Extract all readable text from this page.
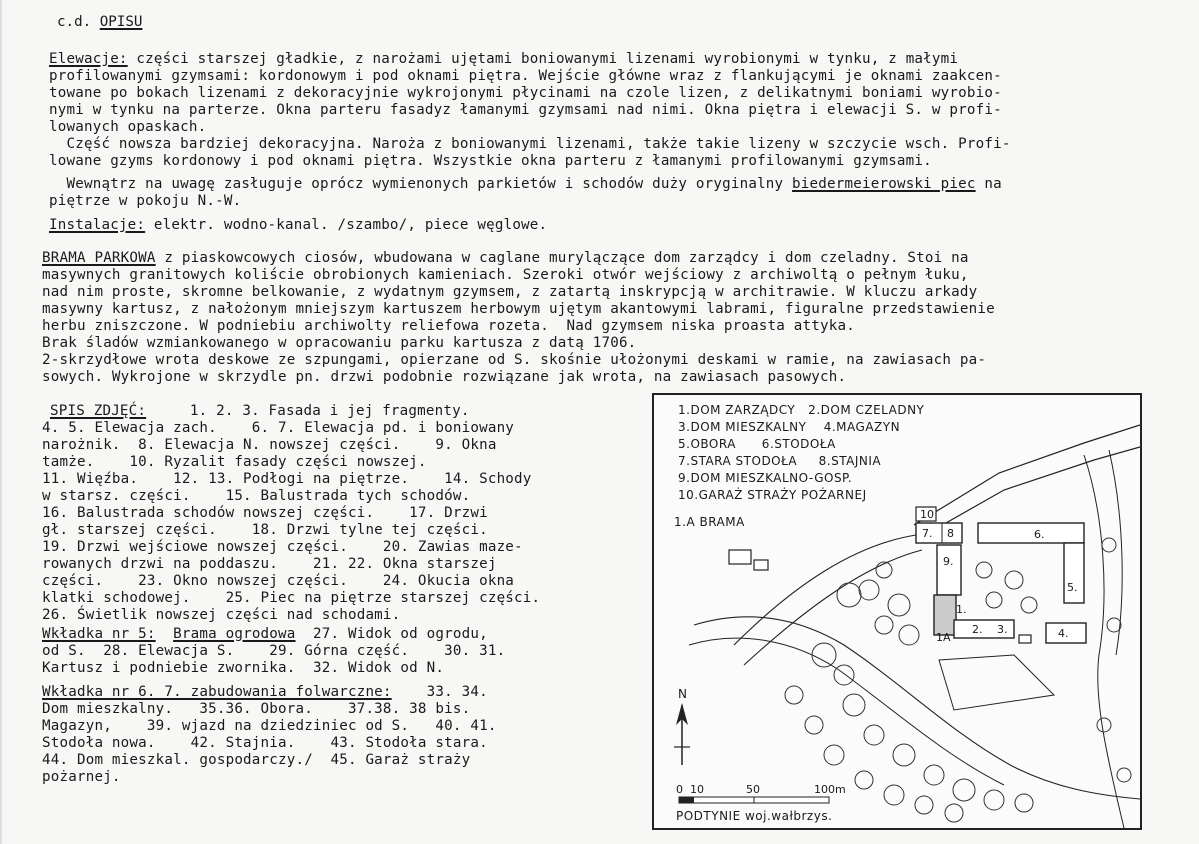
c.d. OPISU
Elewacje: części starszej gładkie, z narożami ujętami boniowanymi lizenami wyrobionymi w tynku, z małymi
profilowanymi gzymsami: kordonowym i pod oknami piętra. Wejście główne wraz z flankującymi je oknami zaakcen-
towane po bokach lizenami z dekoracyjnie wykrojonymi płycinami na czole lizen, z delikatnymi boniami wyrobio-
nymi w tynku na parterze. Okna parteru fasadyz łamanymi gzymsami nad nimi. Okna piętra i elewacji S. w profi-
lowanych opaskach.
Część nowsza bardziej dekoracyjna. Naroża z boniowanymi lizenami, także takie lizeny w szczycie wsch. Profi-
lowane gzyms kordonowy i pod oknami piętra. Wszystkie okna parteru z łamanymi profilowanymi gzymsami.
Wewnątrz na uwagę zasługuje oprócz wymienonych parkietów i schodów duży oryginalny biedermeierowski piec na
piętrze w pokoju N.-W.
Instalacje: elektr. wodno-kanal. /szambo/, piece węglowe.
BRAMA PARKOWA z piaskowcowych ciosów, wbudowana w caglane murylączące dom zarządcy i dom czeladny. Stoi na
masywnych granitowych koliście obrobionych kamieniach. Szeroki otwór wejściowy z archiwoltą o pełnym łuku,
nad nim proste, skromne belkowanie, z wydatnym gzymsem, z zatartą inskrypcją w architrawie. W kluczu arkady
masywny kartusz, z nałożonym mniejszym kartuszem herbowym ujętym akantowymi labrami, figuralne przedstawienie
herbu zniszczone. W podniebiu archiwolty reliefowa rozeta.  Nad gzymsem niska proasta attyka.
Brak śladów wzmiankowanego w opracowaniu parku kartusza z datą 1706.
2-skrzydłowe wrota deskowe ze szpungami, opierzane od S. skośnie ułożonymi deskami w ramie, na zawiasach pa-
sowych. Wykrojone w skrzydle pn. drzwi podobnie rozwiązane jak wrota, na zawiasach pasowych.
SPIS ZDJĘĆ:     1. 2. 3. Fasada i jej fragmenty.
4. 5. Elewacja zach.    6. 7. Elewacja pd. i boniowany
narożnik.  8. Elewacja N. nowszej części.    9. Okna
tamże.    10. Ryzalit fasady części nowszej.
11. Więźba.    12. 13. Podłogi na piętrze.    14. Schody
w starsz. części.    15. Balustrada tych schodów.
16. Balustrada schodów nowszej części.    17. Drzwi
gł. starszej części.    18. Drzwi tylne tej części.
19. Drzwi wejściowe nowszej części.    20. Zawias maze-
rowanych drzwi na poddaszu.    21. 22. Okna starszej
części.    23. Okno nowszej części.    24. Okucia okna
klatki schodowej.    25. Piec na piętrze starszej części.
26. Świetlik nowszej części nad schodami.
Wkładka nr 5: Brama ogrodowa  27. Widok od ogrodu,
od S.  28. Elewacja S.    29. Górna część.    30. 31.
Kartusz i podniebie zwornika.  32. Widok od N.
Wkładka nr 6. 7. zabudowania folwarczne:    33. 34.
Dom mieszkalny.   35.36. Obora.    37.38. 38 bis.
Magazyn,    39. wjazd na dziedziniec od S.   40. 41.
Stodoła nowa.    42. Stajnia.    43. Stodoła stara.
44. Dom mieszkal. gospodarczy./  45. Garaż straży
pożarnej.
1.DOM ZARZĄDCY   2.DOM CZELADNY
3.DOM MIESZKALNY    4.MAGAZYN
5.OBORA      6.STODOŁA
7.STARA STODOŁA     8.STAJNIA
9.DOM MIESZKALNO-GOSP.
10.GARAŻ STRAŻY POŻARNEJ
1.A BRAMA
1.
1A
2. 3.	4.
5.
6.
7. 8
9.
10
N
0 10	50	100m
PODTYNIE woj.wałbrzys.
